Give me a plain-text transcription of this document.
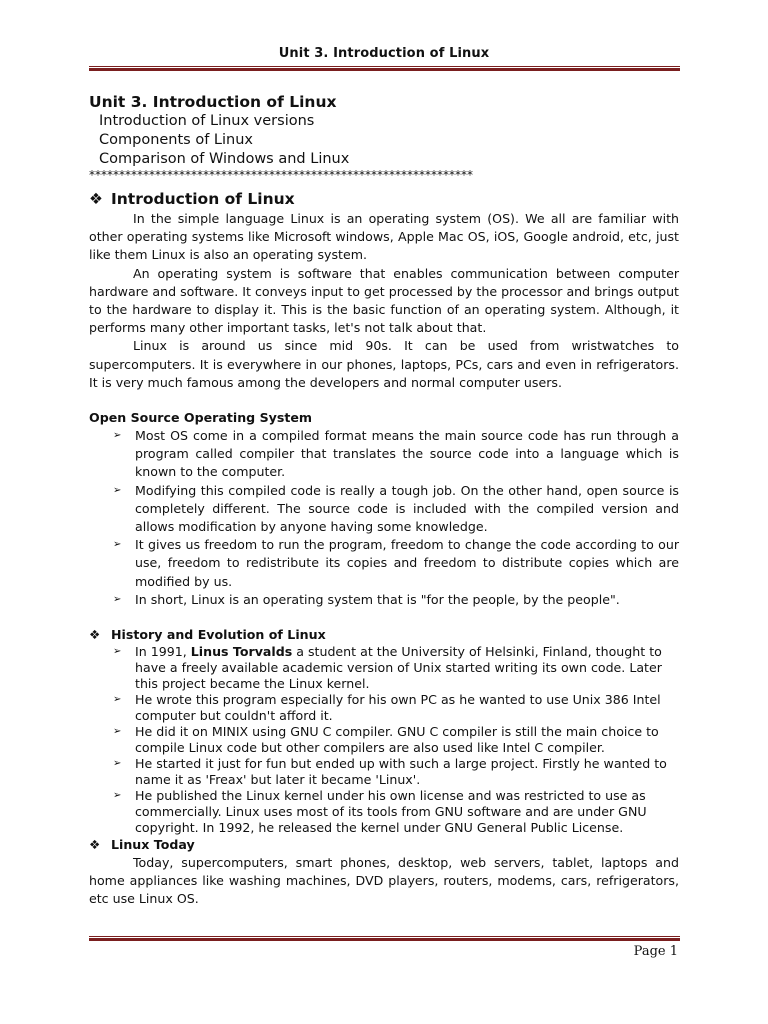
Unit 3. Introduction of Linux
Unit 3. Introduction of Linux
Introduction of Linux versions
Components of Linux
Comparison of Windows and Linux
****************************************************************
❖ Introduction of Linux

In the simple language Linux is an operating system (OS). We all are familiar with other operating systems like Microsoft windows, Apple Mac OS, iOS, Google android, etc, just like them Linux is also an operating system.

An operating system is software that enables communication between computer hardware and software. It conveys input to get processed by the processor and brings output to the hardware to display it. This is the basic function of an operating system. Although, it performs many other important tasks, let's not talk about that.

Linux is around us since mid 90s. It can be used from wristwatches to supercomputers. It is everywhere in our phones, laptops, PCs, cars and even in refrigerators. It is very much famous among the developers and normal computer users.

Open Source Operating System
➢ Most OS come in a compiled format means the main source code has run through a program called compiler that translates the source code into a language which is known to the computer.
➢ Modifying this compiled code is really a tough job. On the other hand, open source is completely different. The source code is included with the compiled version and allows modification by anyone having some knowledge.
➢ It gives us freedom to run the program, freedom to change the code according to our use, freedom to redistribute its copies and freedom to distribute copies which are modified by us.
➢ In short, Linux is an operating system that is "for the people, by the people".
❖ History and Evolution of Linux
➢ In 1991, Linus Torvalds a student at the University of Helsinki, Finland, thought to have a freely available academic version of Unix started writing its own code. Later this project became the Linux kernel.
➢ He wrote this program especially for his own PC as he wanted to use Unix 386 Intel computer but couldn't afford it.
➢ He did it on MINIX using GNU C compiler. GNU C compiler is still the main choice to compile Linux code but other compilers are also used like Intel C compiler.
➢ He started it just for fun but ended up with such a large project. Firstly he wanted to name it as 'Freax' but later it became 'Linux'.
➢ He published the Linux kernel under his own license and was restricted to use as commercially. Linux uses most of its tools from GNU software and are under GNU copyright. In 1992, he released the kernel under GNU General Public License.
❖ Linux Today

Today, supercomputers, smart phones, desktop, web servers, tablet, laptops and home appliances like washing machines, DVD players, routers, modems, cars, refrigerators, etc use Linux OS.

Page 1
